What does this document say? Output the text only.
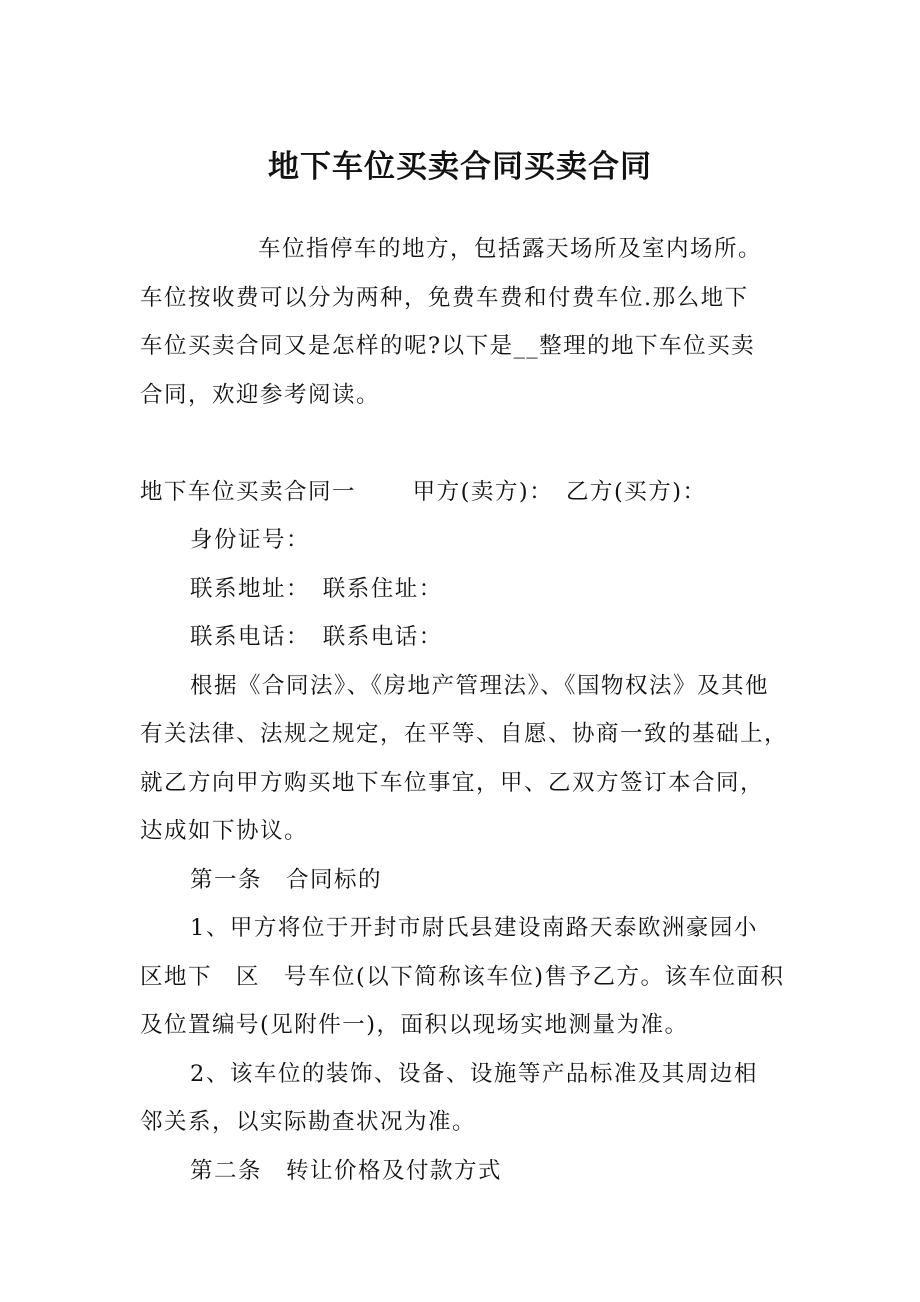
地下车位买卖合同买卖合同
车位指停车的地方，包括露天场所及室内场所。
车位按收费可以分为两种，免费车费和付费车位.那么地下
车位买卖合同又是怎样的呢?以下是__整理的地下车位买卖
合同，欢迎参考阅读。
地下车位买卖合同一　　 甲方(卖方)：　乙方(买方)：
身份证号：
联系地址：　联系住址：
联系电话：　联系电话：
根据《合同法》、《房地产管理法》、《国物权法》及其他
有关法律、法规之规定，在平等、自愿、协商一致的基础上，
就乙方向甲方购买地下车位事宜，甲、乙双方签订本合同，
达成如下协议。
第一条　合同标的
1、甲方将位于开封市尉氏县建设南路天泰欧洲豪园小
区地下　区　号车位(以下简称该车位)售予乙方。该车位面积
及位置编号(见附件一)，面积以现场实地测量为准。
2、该车位的装饰、设备、设施等产品标准及其周边相
邻关系，以实际勘查状况为准。
第二条　转让价格及付款方式
